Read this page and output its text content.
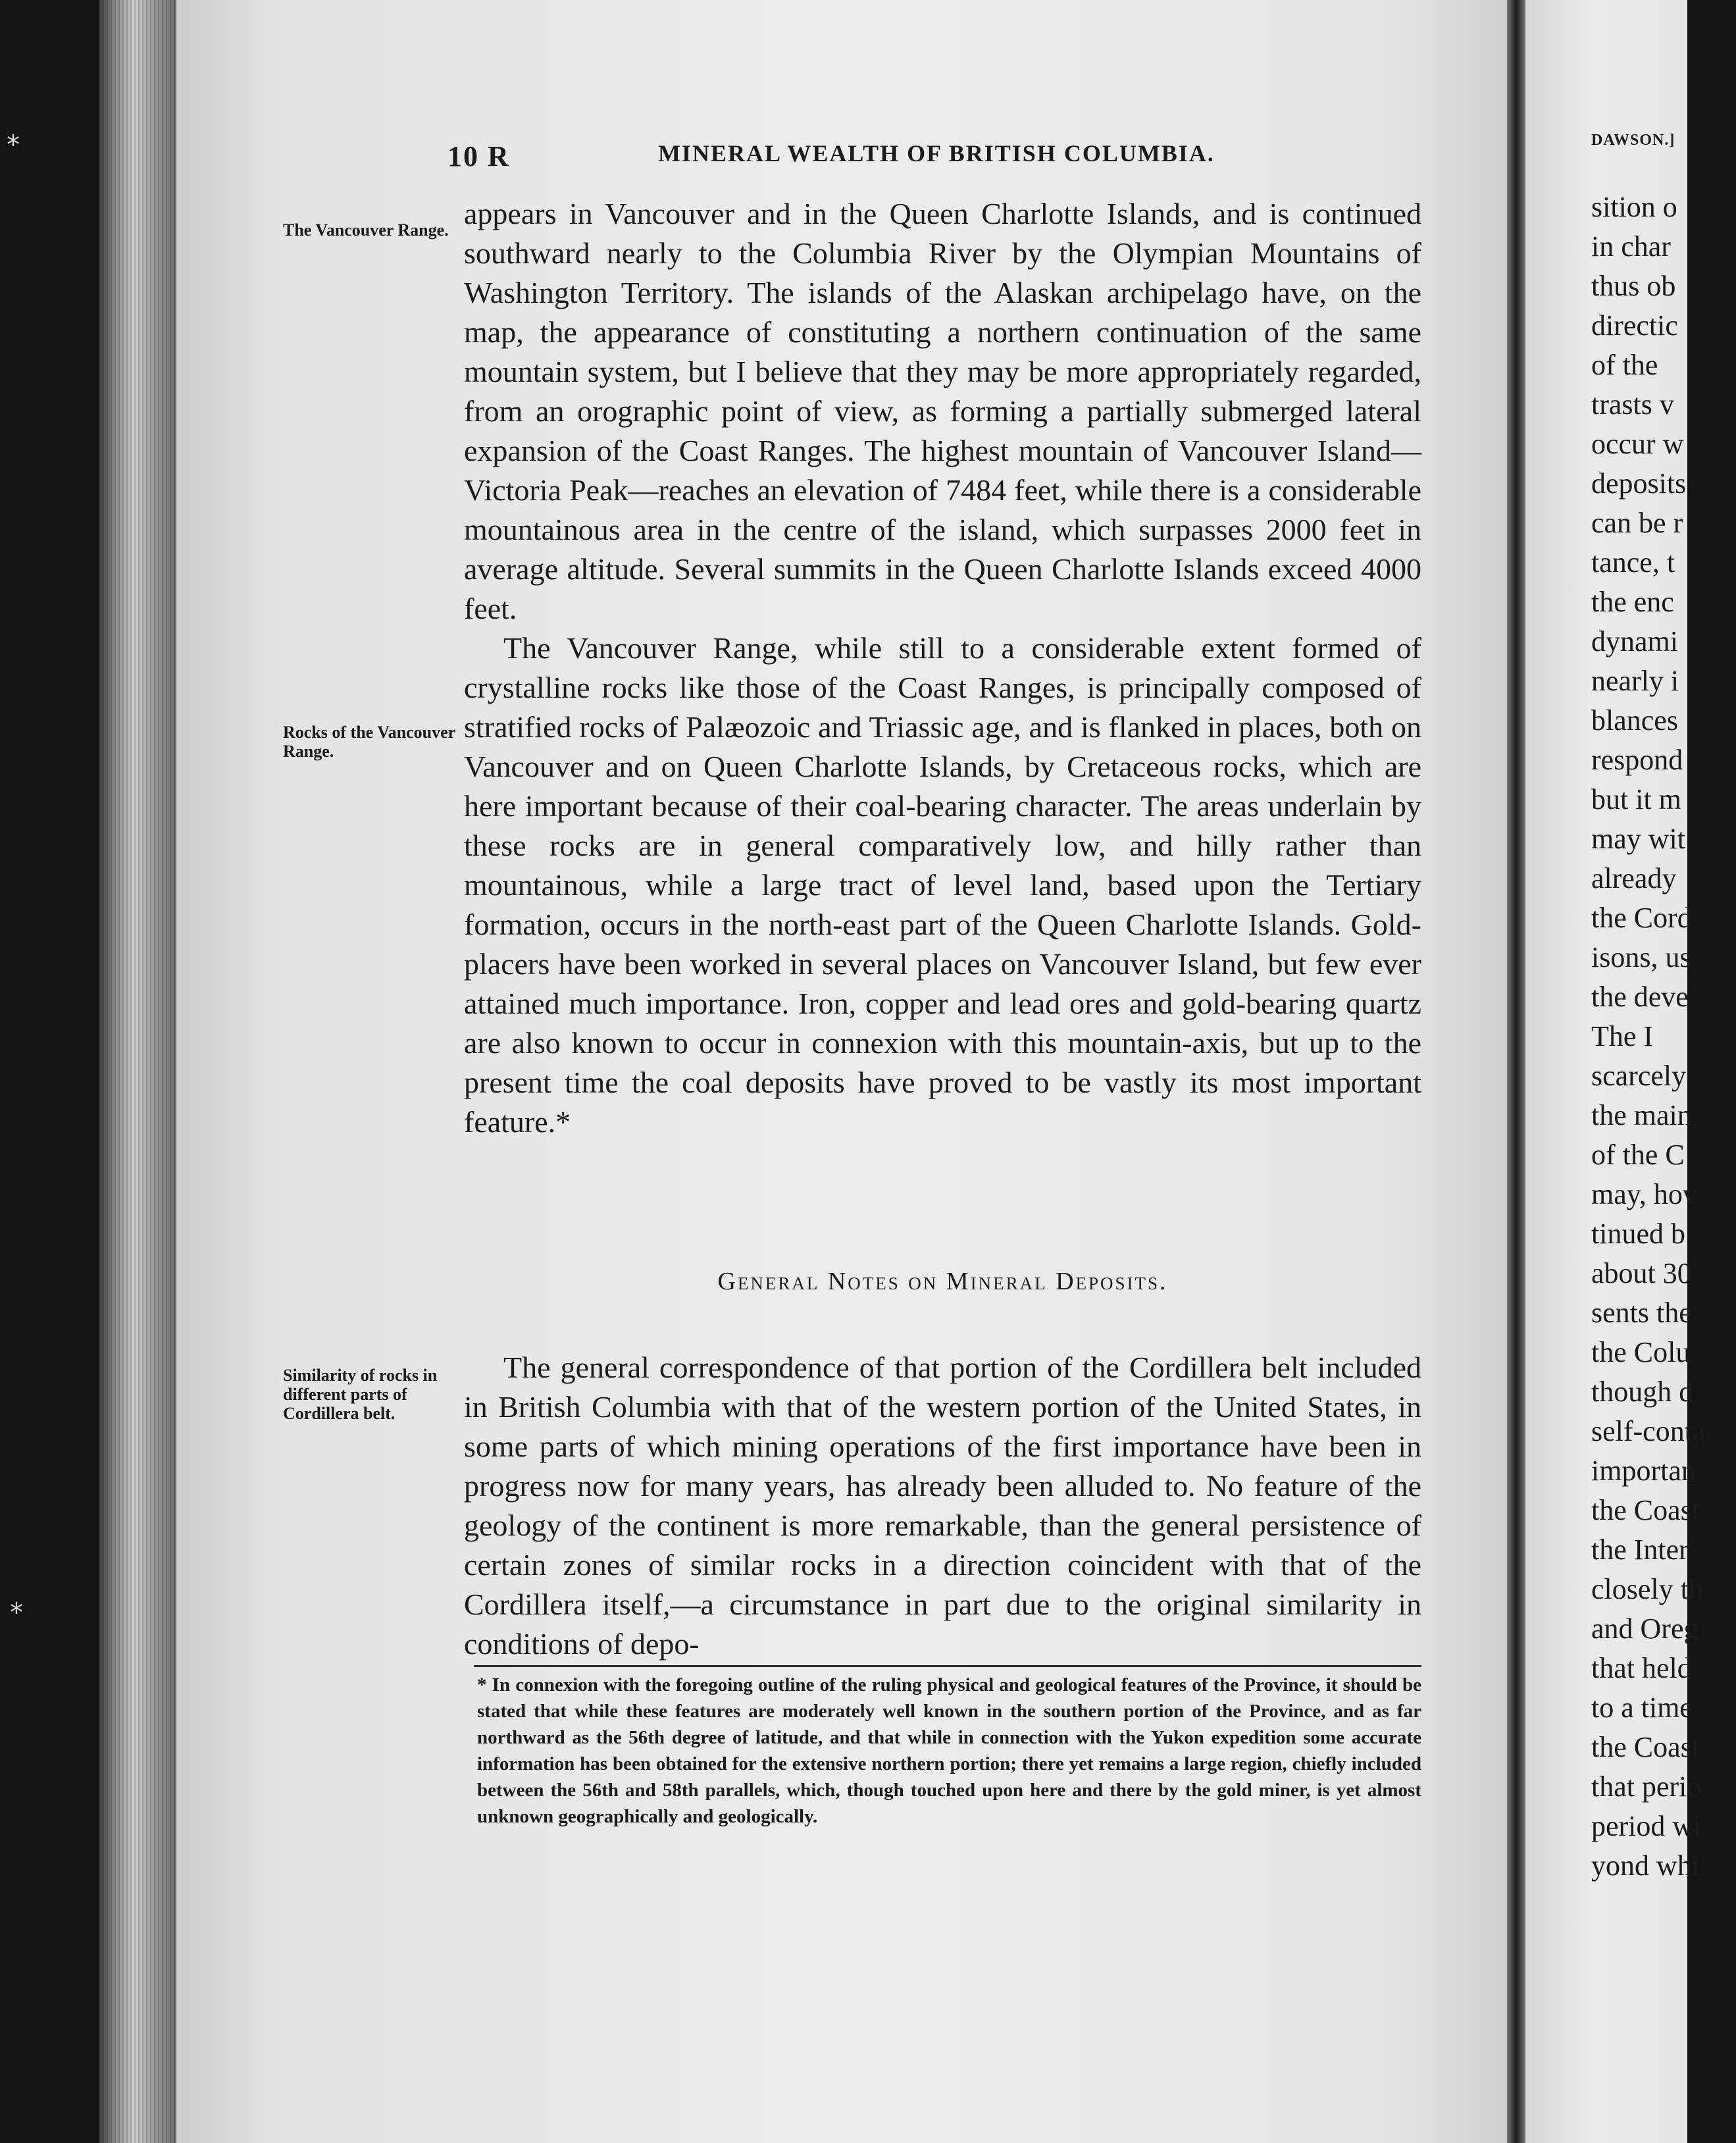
⁎
⁎
10 R	MINERAL WEALTH OF BRITISH COLUMBIA.
The Vancouver Range.
Rocks of the Vancouver Range.
Similarity of rocks in different parts of Cordillera belt.

appears in Vancouver and in the Queen Charlotte Islands, and is continued southward nearly to the Columbia River by the Olympian Mountains of Washington Territory. The islands of the Alaskan archipelago have, on the map, the appearance of constituting a northern continuation of the same mountain system, but I believe that they may be more appropriately regarded, from an orographic point of view, as forming a partially submerged lateral expansion of the Coast Ranges. The highest mountain of Vancouver Island—Victoria Peak—reaches an elevation of 7484 feet, while there is a considerable mountainous area in the centre of the island, which surpasses 2000 feet in average altitude. Several summits in the Queen Charlotte Islands exceed 4000 feet.

The Vancouver Range, while still to a considerable extent formed of crystalline rocks like those of the Coast Ranges, is principally composed of stratified rocks of Palæozoic and Triassic age, and is flanked in places, both on Vancouver and on Queen Charlotte Islands, by Cretaceous rocks, which are here important because of their coal-bearing character. The areas underlain by these rocks are in general comparatively low, and hilly rather than mountainous, while a large tract of level land, based upon the Tertiary formation, occurs in the north-east part of the Queen Charlotte Islands. Gold-placers have been worked in several places on Vancouver Island, but few ever attained much importance. Iron, copper and lead ores and gold-bearing quartz are also known to occur in connexion with this mountain-axis, but up to the present time the coal deposits have proved to be vastly its most important feature.*

General Notes on Mineral Deposits.

The general correspondence of that portion of the Cordillera belt included in British Columbia with that of the western portion of the United States, in some parts of which mining operations of the first importance have been in progress now for many years, has already been alluded to. No feature of the geology of the continent is more remarkable, than the general persistence of certain zones of similar rocks in a direction coincident with that of the Cordillera itself,—a circumstance in part due to the original similarity in conditions of depo-

* In connexion with the foregoing outline of the ruling physical and geological features of the Province, it should be stated that while these features are moderately well known in the southern portion of the Province, and as far northward as the 56th degree of latitude, and that while in connection with the Yukon expedition some accurate information has been obtained for the extensive northern portion; there yet remains a large region, chiefly included between the 56th and 58th parallels, which, though touched upon here and there by the gold miner, is yet almost unknown geographically and geologically.
DAWSON.]
sition o
in char
thus ob
directic
of the
trasts v
occur w
deposits
can be r
tance, t
the enc
dynami
nearly i
blances
respond
but it m
may wit
already
the Cord
isons, us
the deve
The I
scarcely
the main
of the C
may, hov
tinued b
about 30
sents the
the Colu
though d
self-conta
importan
the Coast
the Inter
closely th
and Oreg
that held
to a time
the Coast
that perio
period wi
yond whi
